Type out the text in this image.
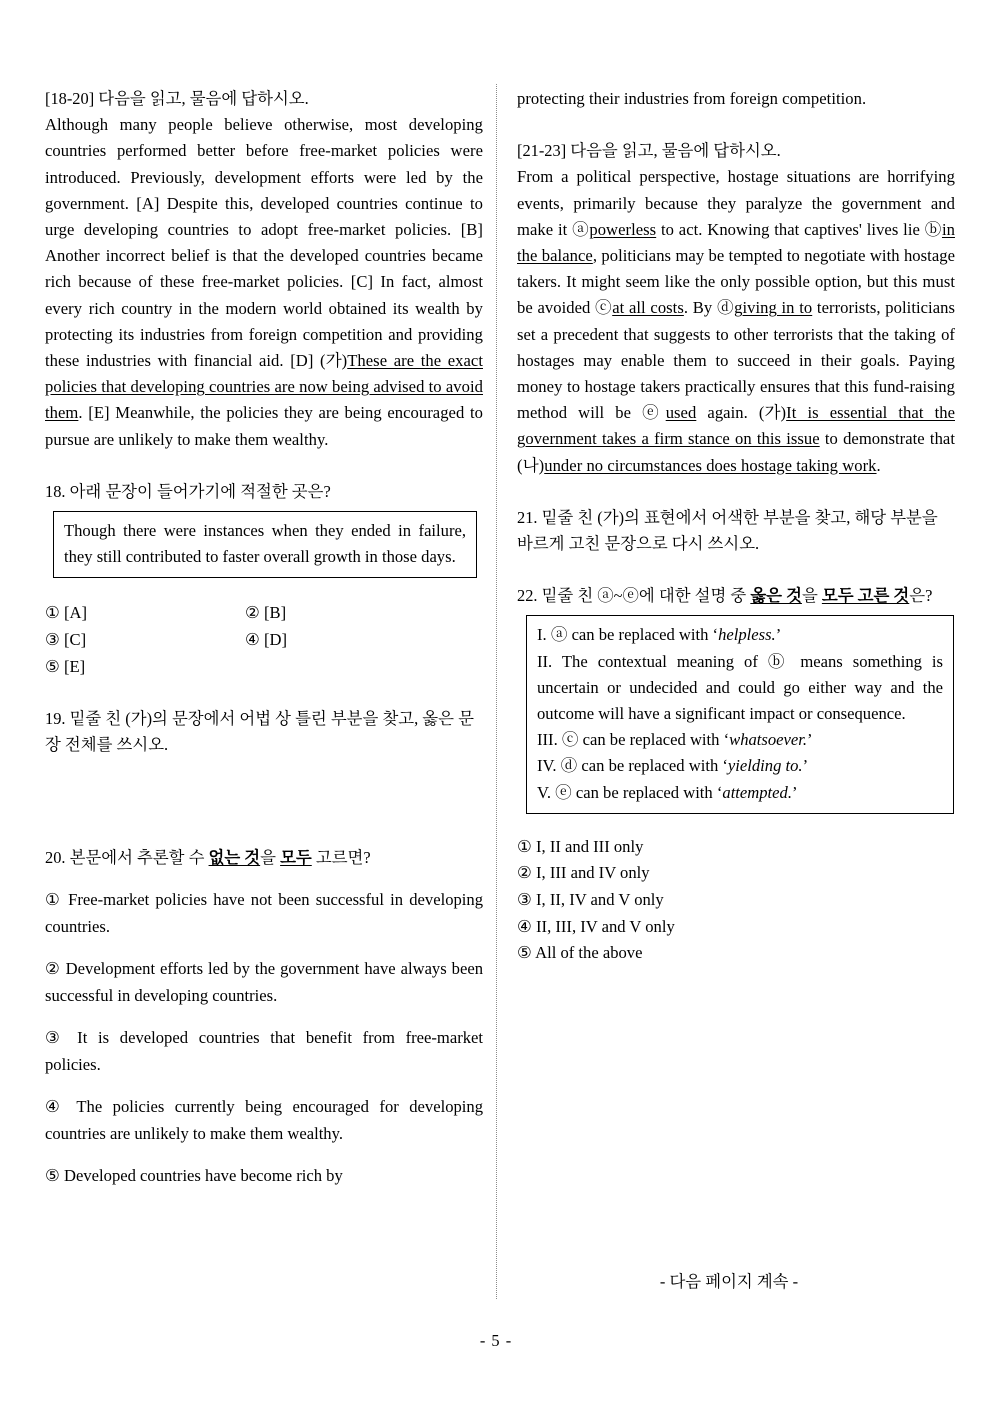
[18-20] 다음을 읽고, 물음에 답하시오.

Although many people believe otherwise, most developing countries performed better before free-market policies were introduced. Previously, development efforts were led by the government. [A] Despite this, developed countries continue to urge developing countries to adopt free-market policies. [B] Another incorrect belief is that the developed countries became rich because of these free-market policies. [C] In fact, almost every rich country in the modern world obtained its wealth by protecting its industries from foreign competition and providing these industries with financial aid. [D] (가)These are the exact policies that developing countries are now being advised to avoid them. [E] Meanwhile, the policies they are being encouraged to pursue are unlikely to make them wealthy.

18. 아래 문장이 들어가기에 적절한 곳은?

Though there were instances when they ended in failure, they still contributed to faster overall growth in those days.
① [A]	② [B]
③ [C]	④ [D]
⑤ [E]

19. 밑줄 친 (가)의 문장에서 어법 상 틀린 부분을 찾고, 옳은 문장 전체를 쓰시오.

20. 본문에서 추론할 수 없는 것을 모두 고르면?

① Free-market policies have not been successful in developing countries.

② Development efforts led by the government have always been successful in developing countries.

③ It is developed countries that benefit from free-market policies.

④ The policies currently being encouraged for developing countries are unlikely to make them wealthy.

⑤ Developed countries have become rich by

protecting their industries from foreign competition.

[21-23] 다음을 읽고, 물음에 답하시오.

From a political perspective, hostage situations are horrifying events, primarily because they paralyze the government and make it ⓐpowerless to act. Knowing that captives' lives lie ⓑin the balance, politicians may be tempted to negotiate with hostage takers. It might seem like the only possible option, but this must be avoided ⓒat all costs. By ⓓgiving in to terrorists, politicians set a precedent that suggests to other terrorists that the taking of hostages may enable them to succeed in their goals. Paying money to hostage takers practically ensures that this fund-raising method will be ⓔused again. (가)It is essential that the government takes a firm stance on this issue to demonstrate that (나)under no circumstances does hostage taking work.

21. 밑줄 친 (가)의 표현에서 어색한 부분을 찾고, 해당 부분을 바르게 고친 문장으로 다시 쓰시오.

22. 밑줄 친 ⓐ~ⓔ에 대한 설명 중 옳은 것을 모두 고른 것은?

I. ⓐ can be replaced with ‘helpless.’
II. The contextual meaning of ⓑ means something is uncertain or undecided and could go either way and the outcome will have a significant impact or consequence.
III. ⓒ can be replaced with ‘whatsoever.’
IV. ⓓ can be replaced with ‘yielding to.’
V. ⓔ can be replaced with ‘attempted.’
① I, II and III only
② I, III and IV only
③ I, II, IV and V only
④ II, III, IV and V only
⑤ All of the above
- 다음 페이지 계속 -
- 5 -
